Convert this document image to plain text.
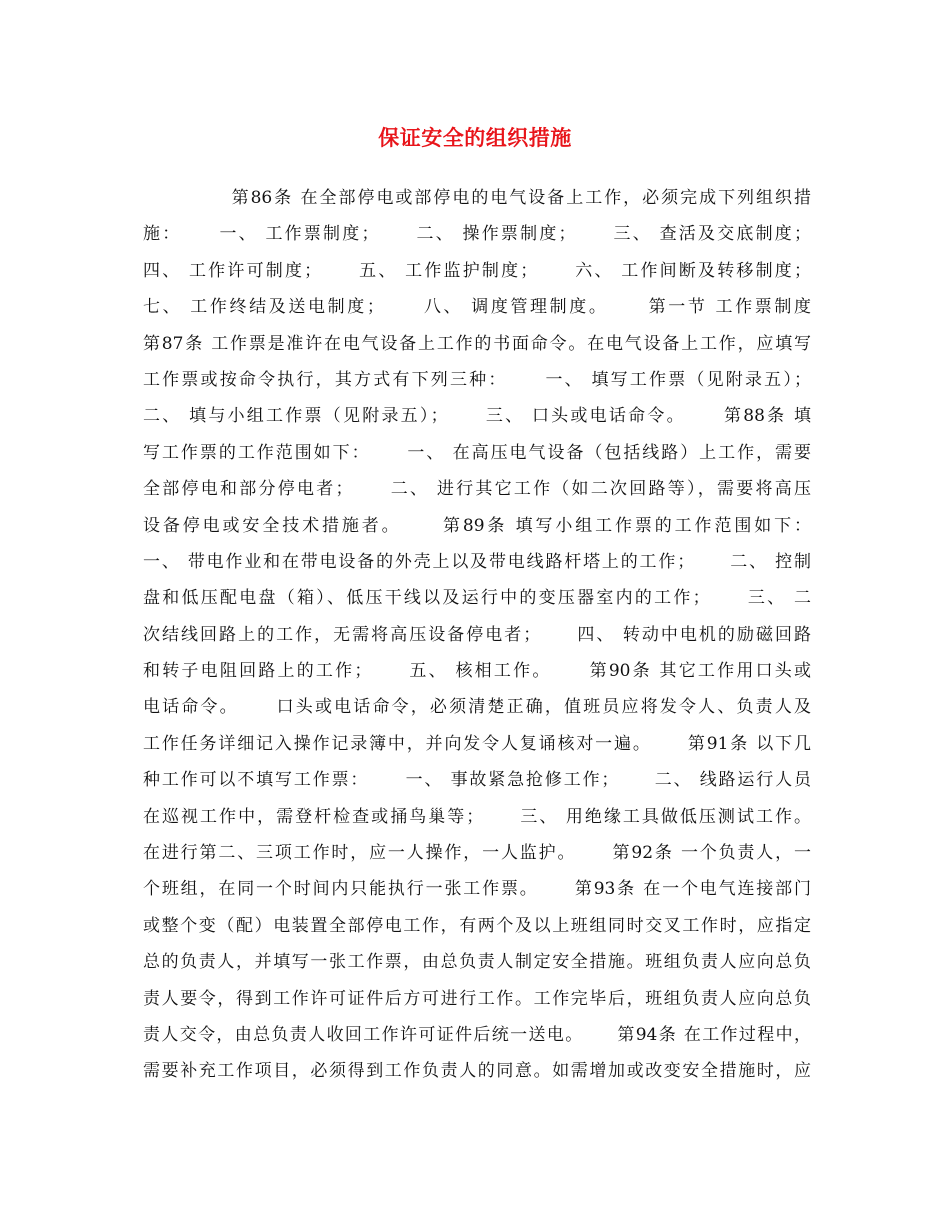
保证安全的组织措施
第86条 在全部停电或部停电的电气设备上工作，必须完成下列组织措
施：     一、 工作票制度；     二、 操作票制度；     三、 查活及交底制度；
四、 工作许可制度；     五、 工作监护制度；     六、 工作间断及转移制度；
七、 工作终结及送电制度；     八、 调度管理制度。     第一节 工作票制度
第87条 工作票是准许在电气设备上工作的书面命令。在电气设备上工作，应填写
工作票或按命令执行，其方式有下列三种：     一、 填写工作票（见附录五）；
二、 填与小组工作票（见附录五）；     三、 口头或电话命令。     第88条 填
写工作票的工作范围如下：     一、 在高压电气设备（包括线路）上工作，需要
全部停电和部分停电者；     二、 进行其它工作（如二次回路等），需要将高压
设备停电或安全技术措施者。     第89条 填写小组工作票的工作范围如下：
一、 带电作业和在带电设备的外壳上以及带电线路杆塔上的工作；     二、 控制
盘和低压配电盘（箱）、低压干线以及运行中的变压器室内的工作；     三、 二
次结线回路上的工作，无需将高压设备停电者；     四、 转动中电机的励磁回路
和转子电阻回路上的工作；     五、 核相工作。     第90条 其它工作用口头或
电话命令。     口头或电话命令，必须清楚正确，值班员应将发令人、负责人及
工作任务详细记入操作记录簿中，并向发令人复诵核对一遍。     第91条 以下几
种工作可以不填写工作票：     一、 事故紧急抢修工作；     二、 线路运行人员
在巡视工作中，需登杆检查或捅鸟巢等；     三、 用绝缘工具做低压测试工作。
在进行第二、三项工作时，应一人操作，一人监护。     第92条 一个负责人，一
个班组，在同一个时间内只能执行一张工作票。     第93条 在一个电气连接部门
或整个变（配）电装置全部停电工作，有两个及以上班组同时交叉工作时，应指定
总的负责人，并填写一张工作票，由总负责人制定安全措施。班组负责人应向总负
责人要令，得到工作许可证件后方可进行工作。工作完毕后，班组负责人应向总负
责人交令，由总负责人收回工作许可证件后统一送电。     第94条 在工作过程中，
需要补充工作项目，必须得到工作负责人的同意。如需增加或改变安全措施时，应
